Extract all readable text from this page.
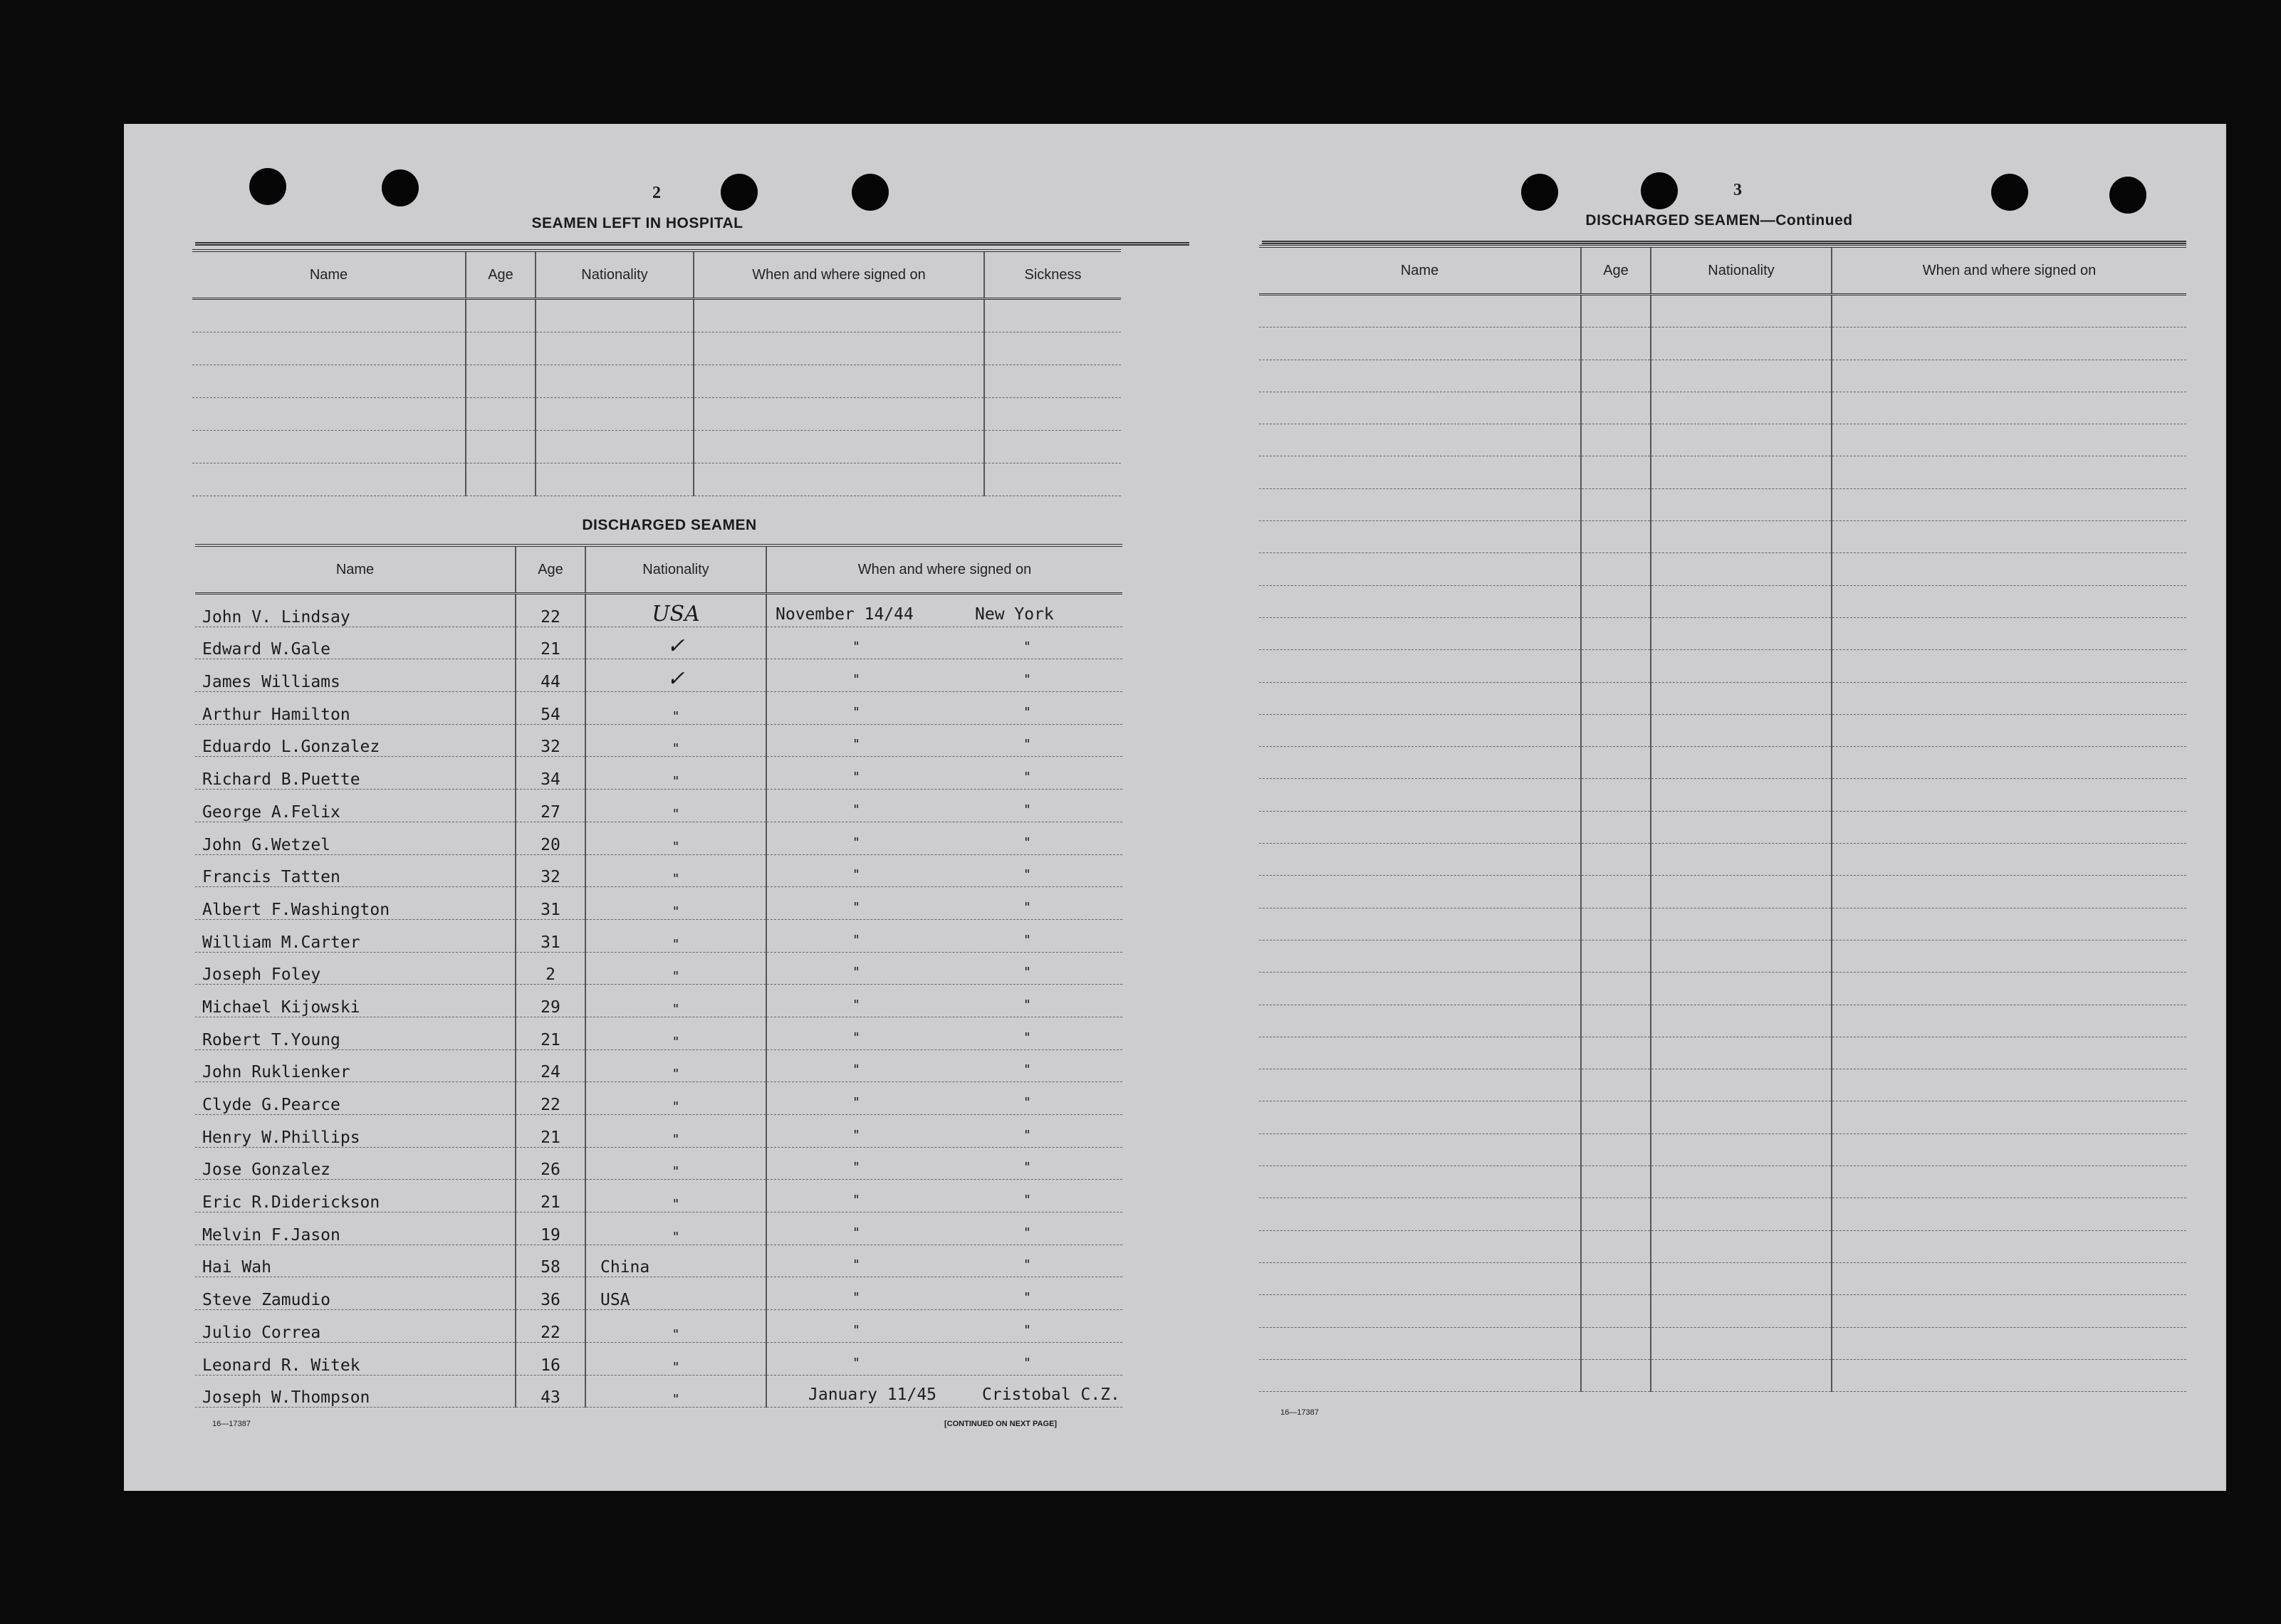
2
SEAMEN LEFT IN HOSPITAL
Name	Age	Nationality	When and where signed on	Sickness

DISCHARGED SEAMEN
Name	Age	Nationality	When and where signed on
John V. Lindsay	22	USA	November 14/44 New York

Edward W.Gale	21	✓	" "

James Williams	44	✓	" "

Arthur Hamilton	54	"	" "

Eduardo L.Gonzalez	32	"	" "

Richard B.Puette	34	"	" "

George A.Felix	27	"	" "

John G.Wetzel	20	"	" "

Francis Tatten	32	"	" "

Albert F.Washington	31	"	" "

William M.Carter	31	"	" "

Joseph Foley	2	"	" "

Michael Kijowski	29	"	" "

Robert T.Young	21	"	" "

John Ruklienker	24	"	" "

Clyde G.Pearce	22	"	" "

Henry W.Phillips	21	"	" "

Jose Gonzalez	26	"	" "

Eric R.Diderickson	21	"	" "

Melvin F.Jason	19	"	" "

Hai Wah	58	China	" "

Steve Zamudio	36	USA	" "

Julio Correa	22	"	" "

Leonard R. Witek	16	"	" "

Joseph W.Thompson	43	"	January 11/45 Cristobal C.Z.
16—17387	[CONTINUED ON NEXT PAGE]
3
DISCHARGED SEAMEN—Continued
Name	Age	Nationality	When and where signed on

16—17387
